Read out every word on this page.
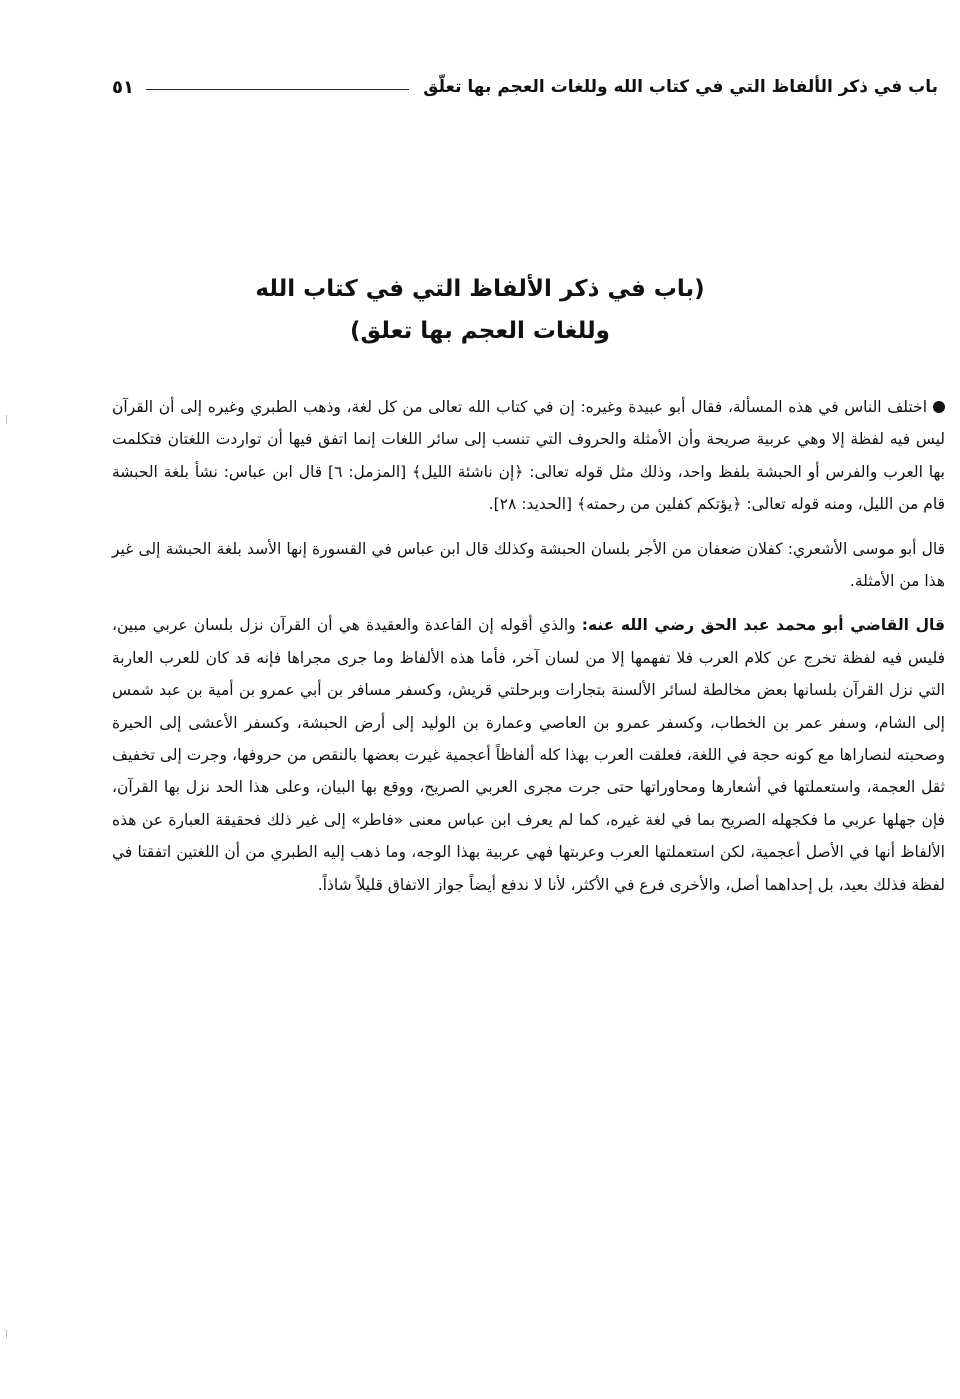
باب في ذكر الألفاظ التي في كتاب الله وللغات العجم بها تعلّق
٥١
(باب في ذكر الألفاظ التي في كتاب الله
وللغات العجم بها تعلق)

اختلف الناس في هذه المسألة، فقال أبو عبيدة وغيره: إن في كتاب الله تعالى من كل لغة، وذهب الطبري وغيره إلى أن القرآن ليس فيه لفظة إلا وهي عربية صريحة وأن الأمثلة والحروف التي تنسب إلى سائر اللغات إنما اتفق فيها أن تواردت اللغتان فتكلمت بها العرب والفرس أو الحبشة بلفظ واحد، وذلك مثل قوله تعالى: ﴿إن ناشئة الليل﴾ [المزمل: ٦] قال ابن عباس: نشأ بلغة الحبشة قام من الليل، ومنه قوله تعالى: ﴿يؤتكم كفلين من رحمته﴾ [الحديد: ٢٨].

قال أبو موسى الأشعري: كفلان ضعفان من الأجر بلسان الحبشة وكذلك قال ابن عباس في القسورة إنها الأسد بلغة الحبشة إلى غير هذا من الأمثلة.

قال القاضي أبو محمد عبد الحق رضي الله عنه: والذي أقوله إن القاعدة والعقيدة هي أن القرآن نزل بلسان عربي مبين، فليس فيه لفظة تخرج عن كلام العرب فلا تفهمها إلا من لسان آخر، فأما هذه الألفاظ وما جرى مجراها فإنه قد كان للعرب العاربة التي نزل القرآن بلسانها بعض مخالطة لسائر الألسنة بتجارات وبرحلتي قريش، وكسفر مسافر بن أبي عمرو بن أمية بن عبد شمس إلى الشام، وسفر عمر بن الخطاب، وكسفر عمرو بن العاصي وعمارة بن الوليد إلى أرض الحبشة، وكسفر الأعشى إلى الحيرة وصحبته لنصاراها مع كونه حجة في اللغة، فعلقت العرب بهذا كله ألفاظاً أعجمية غيرت بعضها بالنقص من حروفها، وجرت إلى تخفيف ثقل العجمة، واستعملتها في أشعارها ومحاوراتها حتى جرت مجرى العربي الصريح، ووقع بها البيان، وعلى هذا الحد نزل بها القرآن، فإن جهلها عربي ما فكجهله الصريح بما في لغة غيره، كما لم يعرف ابن عباس معنى «فاطر» إلى غير ذلك فحقيقة العبارة عن هذه الألفاظ أنها في الأصل أعجمية، لكن استعملتها العرب وعربتها فهي عربية بهذا الوجه، وما ذهب إليه الطبري من أن اللغتين اتفقتا في لفظة فذلك بعيد، بل إحداهما أصل، والأخرى فرع في الأكثر، لأنا لا ندفع أيضاً جواز الاتفاق قليلاً شاذاً.
